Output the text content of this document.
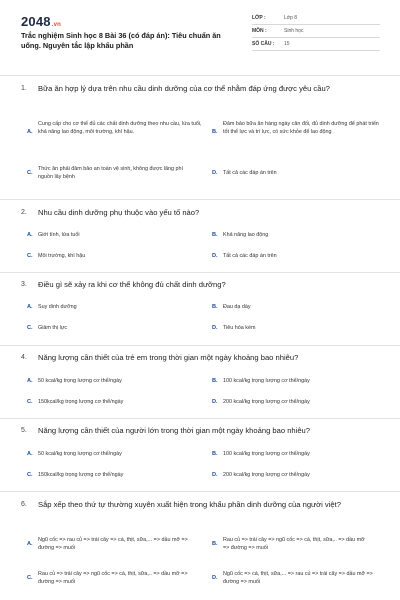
2048.vn
Trắc nghiệm Sinh học 8 Bài 36 (có đáp án): Tiêu chuẩn ăn uống. Nguyên tắc lập khẩu phần
LỚP :	Lớp 8
MÔN :	Sinh học
SỐ CÂU :	15
1. Bữa ăn hợp lý dựa trên nhu cầu dinh dưỡng của cơ thể nhằm đáp ứng được yêu cầu?
A.
Cung cấp cho cơ thể đủ các chất dinh dưỡng theo nhu cầu, lứa tuổi, khả năng lao động, môi trường, khí hậu.	B.
Đảm bảo bữa ăn hàng ngày cân đối, đủ dinh dưỡng để phát triển tốt thể lực và trí lực, có sức khỏe để lao động
C.
Thức ăn phải đảm bảo an toàn vệ sinh, không được lãng phí nguồn lây bệnh
D. Tất cả các đáp án trên
2. Nhu cầu dinh dưỡng phụ thuộc vào yếu tố nào?
A. Giới tính, lứa tuổi	B. Khả năng lao động
C. Môi trường, khí hậu	D. Tất cả các đáp án trên
3. Điều gì sẽ xảy ra khi cơ thể không đủ chất dinh dưỡng?
A. Suy dinh dưỡng	B. Đau dạ dày
C. Giảm thị lực	D. Tiêu hóa kém
4. Năng lượng cần thiết của trẻ em trong thời gian một ngày khoảng bao nhiêu?
A. 50 kcal/kg trọng lượng cơ thể/ngày	B. 100 kcal/kg trọng lượng cơ thể/ngày
C. 150kcal/kg trọng lượng cơ thể/ngày	D. 200 kcal/kg trọng lượng cơ thể/ngày
5. Năng lượng cần thiết của người lớn trong thời gian một ngày khoảng bao nhiêu?
A. 50 kcal/kg trọng lượng cơ thể/ngày	B. 100 kcal/kg trọng lượng cơ thể/ngày
C. 150kcal/kg trọng lượng cơ thể/ngày	D. 200 kcal/kg trọng lượng cơ thể/ngày
6. Sắp xếp theo thứ tự thường xuyên xuất hiện trong khẩu phần dinh dưỡng của người việt?
A.
Ngũ cốc => rau củ => trái cây => cá, thịt, sữa,... => dầu mỡ => đường => muối
B.
Rau củ => trái cây => ngũ cốc => cá, thịt, sữa,.. => dầu mỡ => đường => muối
C.
Rau củ => trái cây => ngũ cốc => cá, thịt, sữa,.. => dầu mỡ => đường => muối
D.
Ngũ cốc => cá, thịt, sữa,... => rau củ => trái cây => dầu mỡ => đường => muối
